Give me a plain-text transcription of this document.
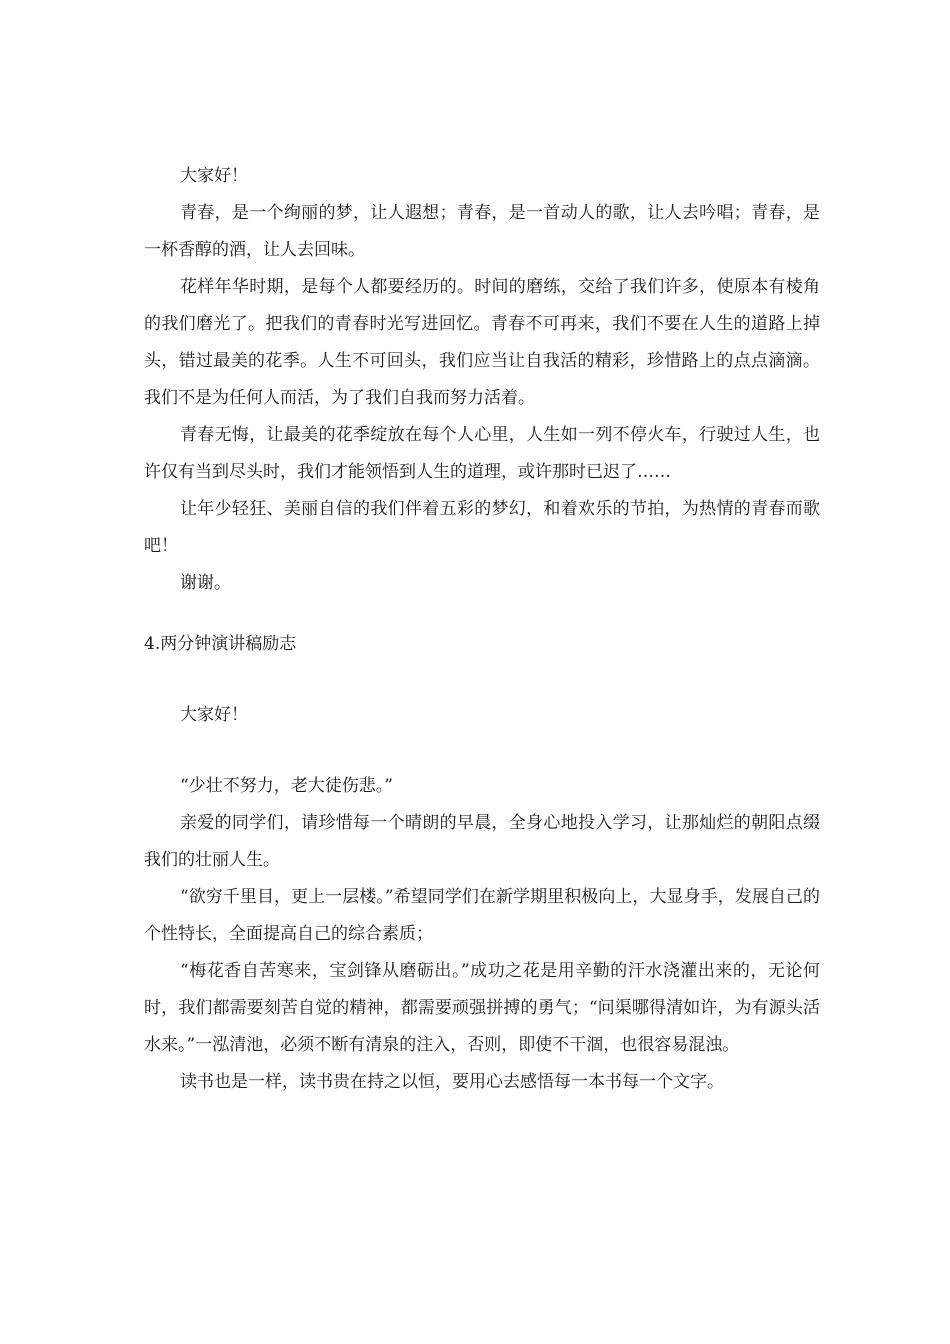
大家好！

青春，是一个绚丽的梦，让人遐想；青春，是一首动人的歌，让人去吟唱；青春，是一杯香醇的酒，让人去回味。

花样年华时期，是每个人都要经历的。时间的磨练，交给了我们许多，使原本有棱角的我们磨光了。把我们的青春时光写进回忆。青春不可再来，我们不要在人生的道路上掉头，错过最美的花季。人生不可回头，我们应当让自我活的精彩，珍惜路上的点点滴滴。我们不是为任何人而活，为了我们自我而努力活着。

青春无悔，让最美的花季绽放在每个人心里，人生如一列不停火车，行驶过人生，也许仅有当到尽头时，我们才能领悟到人生的道理，或许那时已迟了……

让年少轻狂、美丽自信的我们伴着五彩的梦幻，和着欢乐的节拍，为热情的青春而歌吧！

谢谢。

4.两分钟演讲稿励志

大家好！

“少壮不努力，老大徒伤悲。”

亲爱的同学们，请珍惜每一个晴朗的早晨，全身心地投入学习，让那灿烂的朝阳点缀我们的壮丽人生。

“欲穷千里目，更上一层楼。”希望同学们在新学期里积极向上，大显身手，发展自己的个性特长，全面提高自己的综合素质；

“梅花香自苦寒来，宝剑锋从磨砺出。”成功之花是用辛勤的汗水浇灌出来的，无论何时，我们都需要刻苦自觉的精神，都需要顽强拼搏的勇气；“问渠哪得清如许，为有源头活水来。”一泓清池，必须不断有清泉的注入，否则，即使不干涸，也很容易混浊。

读书也是一样，读书贵在持之以恒，要用心去感悟每一本书每一个文字。
